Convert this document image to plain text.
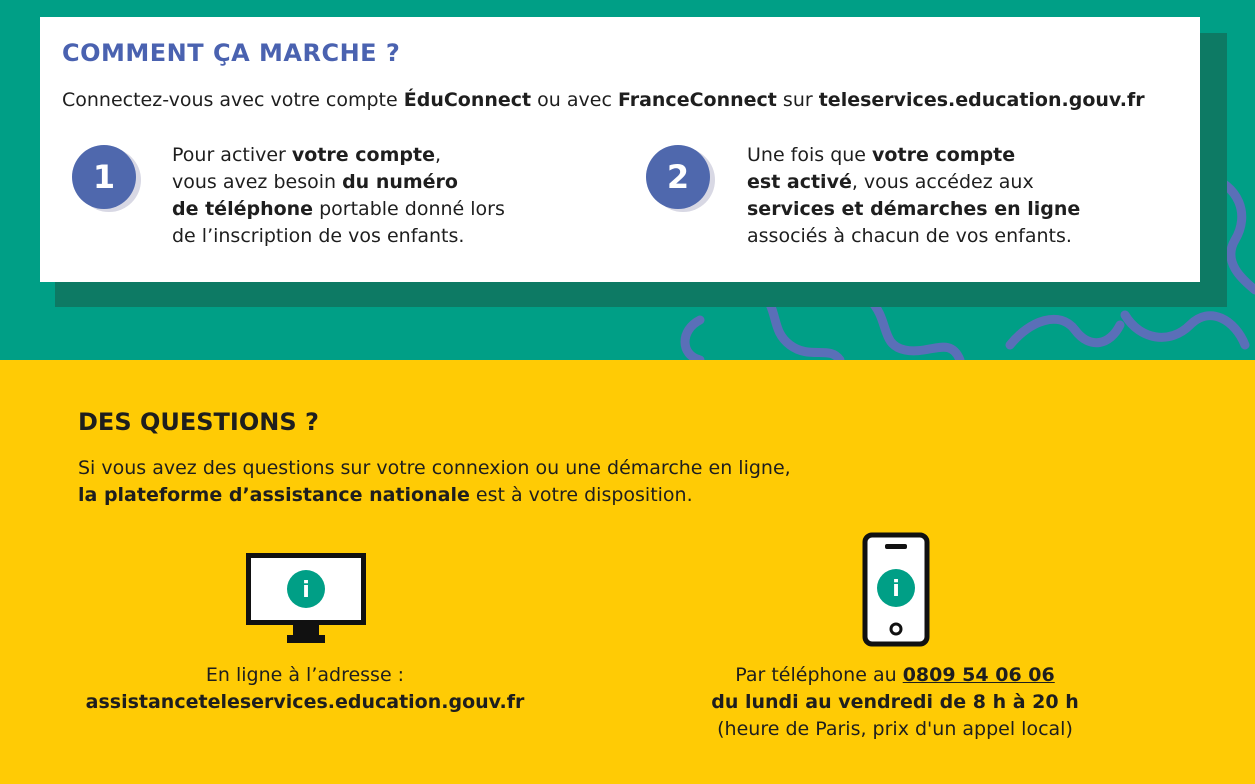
COMMENT ÇA MARCHE ?
Connectez-vous avec votre compte ÉduConnect ou avec FranceConnect sur teleservices.education.gouv.fr
1
Pour activer votre compte,
vous avez besoin du numéro
de téléphone portable donné lors
de l’inscription de vos enfants.
2
Une fois que votre compte
est activé, vous accédez aux
services et démarches en ligne
associés à chacun de vos enfants.
DES QUESTIONS ?
Si vous avez des questions sur votre connexion ou une démarche en ligne,
la plateforme d’assistance nationale est à votre disposition.
i	i
En ligne à l’adresse :
assistanceteleservices.education.gouv.fr
Par téléphone au 0809 54 06 06
du lundi au vendredi de 8 h à 20 h
(heure de Paris, prix d'un appel local)
